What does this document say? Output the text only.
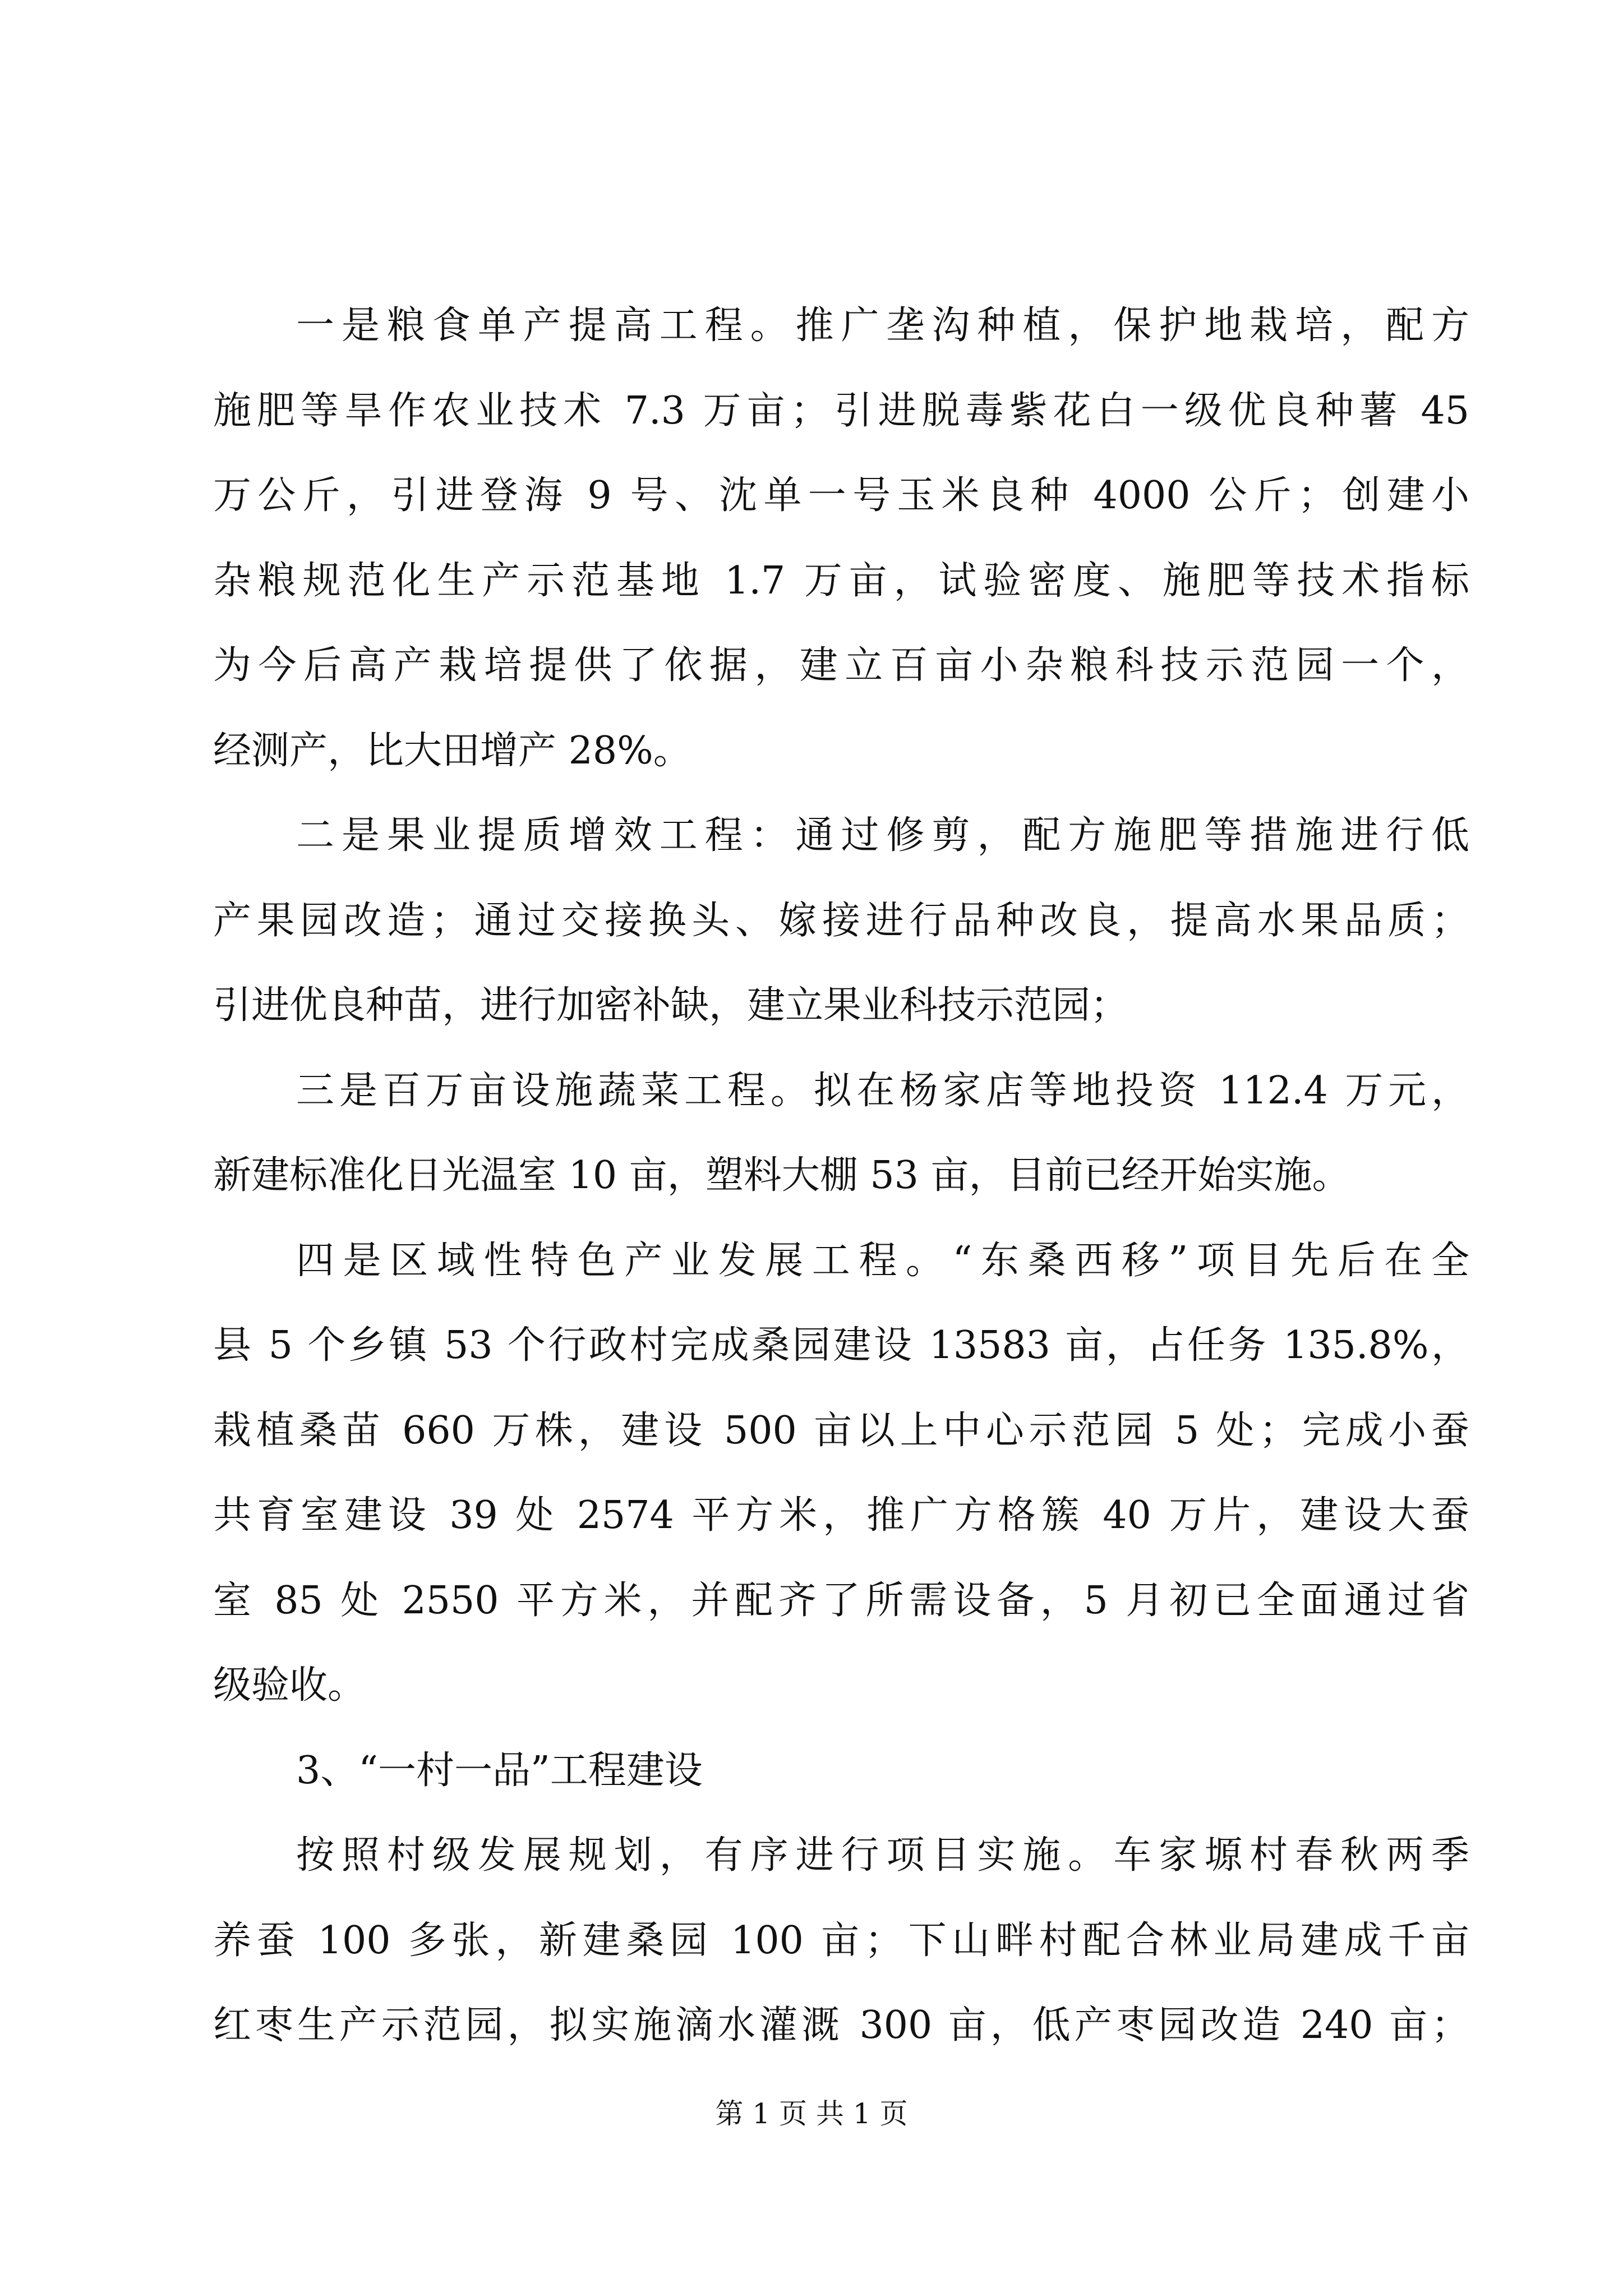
一是粮食单产提高工程。推广垄沟种植，保护地栽培，配方
施肥等旱作农业技术 7.3 万亩；引进脱毒紫花白一级优良种薯 45
万公斤，引进登海 9 号、沈单一号玉米良种 4000 公斤；创建小
杂粮规范化生产示范基地 1.7 万亩，试验密度、施肥等技术指标
为今后高产栽培提供了依据，建立百亩小杂粮科技示范园一个，
经测产，比大田增产 28%。
二是果业提质增效工程：通过修剪，配方施肥等措施进行低
产果园改造；通过交接换头、嫁接进行品种改良，提高水果品质；
引进优良种苗，进行加密补缺，建立果业科技示范园；
三是百万亩设施蔬菜工程。拟在杨家店等地投资 112.4 万元，
新建标准化日光温室 10 亩，塑料大棚 53 亩，目前已经开始实施。
四是区域性特色产业发展工程。“东桑西移”项目先后在全
县 5 个乡镇 53 个行政村完成桑园建设 13583 亩，占任务 135.8%，
栽植桑苗 660 万株，建设 500 亩以上中心示范园 5 处；完成小蚕
共育室建设 39 处 2574 平方米，推广方格簇 40 万片，建设大蚕
室 85 处 2550 平方米，并配齐了所需设备，5 月初已全面通过省
级验收。
3、“一村一品”工程建设
按照村级发展规划，有序进行项目实施。车家塬村春秋两季
养蚕 100 多张，新建桑园 100 亩；下山畔村配合林业局建成千亩
红枣生产示范园，拟实施滴水灌溉 300 亩，低产枣园改造 240 亩；
第 1 页 共 1 页
